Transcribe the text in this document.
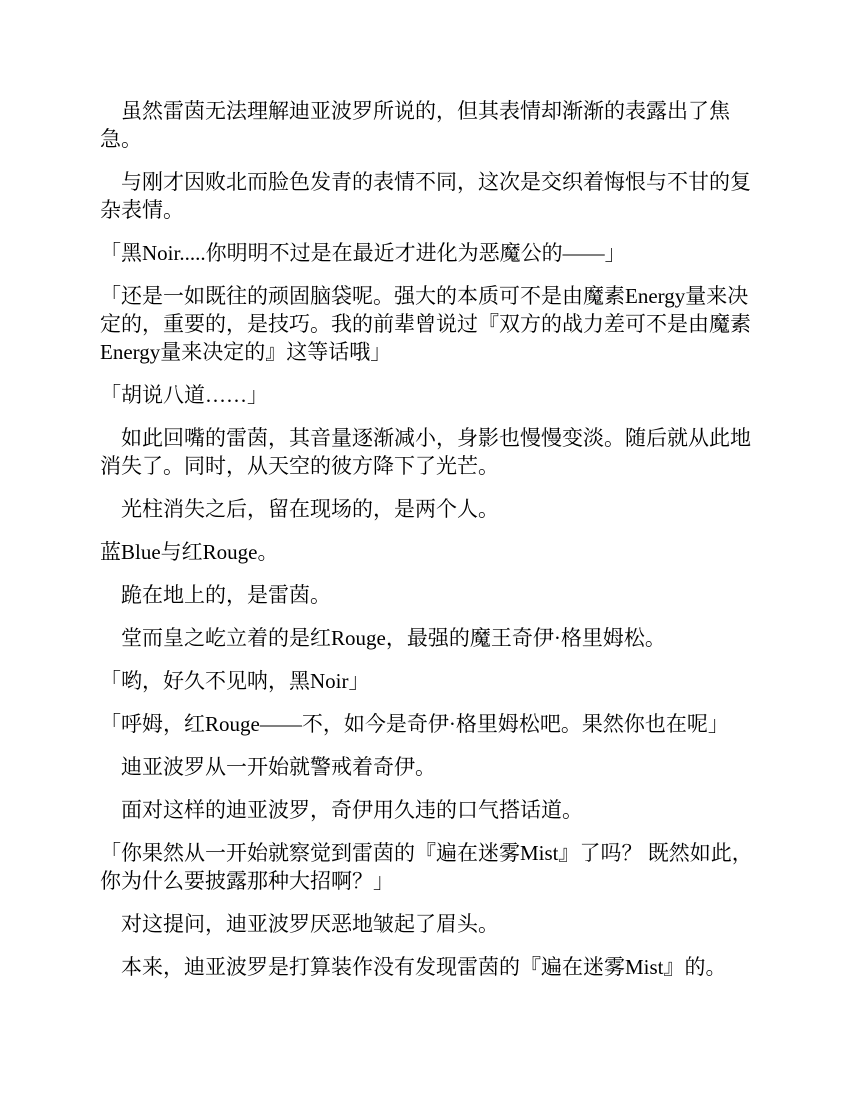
虽然雷茵无法理解迪亚波罗所说的，但其表情却渐渐的表露出了焦急。

与刚才因败北而脸色发青的表情不同，这次是交织着悔恨与不甘的复杂表情。

「黑Noir.....你明明不过是在最近才进化为恶魔公的——」

「还是一如既往的顽固脑袋呢。强大的本质可不是由魔素Energy量来决定的，重要的，是技巧。我的前辈曾说过『双方的战力差可不是由魔素Energy量来决定的』这等话哦」

「胡说八道……」

如此回嘴的雷茵，其音量逐渐减小，身影也慢慢变淡。随后就从此地消失了。同时，从天空的彼方降下了光芒。

光柱消失之后，留在现场的，是两个人。

蓝Blue与红Rouge。

跪在地上的，是雷茵。

堂而皇之屹立着的是红Rouge，最强的魔王奇伊·格里姆松。

「哟，好久不见呐，黑Noir」

「呼姆，红Rouge——不，如今是奇伊·格里姆松吧。果然你也在呢」

迪亚波罗从一开始就警戒着奇伊。

面对这样的迪亚波罗，奇伊用久违的口气搭话道。

「你果然从一开始就察觉到雷茵的『遍在迷雾Mist』了吗？ 既然如此，你为什么要披露那种大招啊？」

对这提问，迪亚波罗厌恶地皱起了眉头。

本来，迪亚波罗是打算装作没有发现雷茵的『遍在迷雾Mist』的。
